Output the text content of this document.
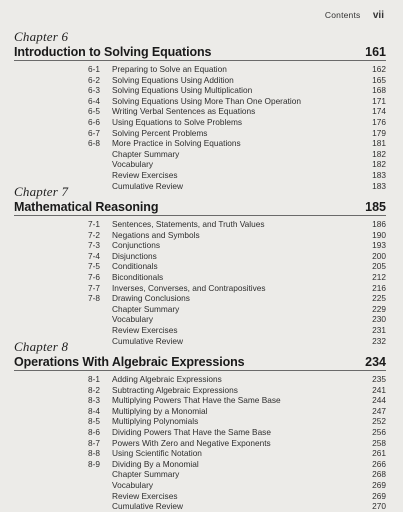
Contents vii
Chapter 6
Introduction to Solving Equations	161
6-1 Preparing to Solve an Equation	162
6-2 Solving Equations Using Addition	165
6-3 Solving Equations Using Multiplication	168
6-4 Solving Equations Using More Than One Operation	171
6-5 Writing Verbal Sentences as Equations	174
6-6 Using Equations to Solve Problems	176
6-7 Solving Percent Problems	179
6-8 More Practice in Solving Equations	181
Chapter Summary	182
Vocabulary	182
Review Exercises	183
Cumulative Review	183
Chapter 7
Mathematical Reasoning	185
7-1 Sentences, Statements, and Truth Values	186
7-2 Negations and Symbols	190
7-3 Conjunctions	193
7-4 Disjunctions	200
7-5 Conditionals	205
7-6 Biconditionals	212
7-7 Inverses, Converses, and Contrapositives	216
7-8 Drawing Conclusions	225
Chapter Summary	229
Vocabulary	230
Review Exercises	231
Cumulative Review	232
Chapter 8
Operations With Algebraic Expressions	234
8-1 Adding Algebraic Expressions	235
8-2 Subtracting Algebraic Expressions	241
8-3 Multiplying Powers That Have the Same Base	244
8-4 Multiplying by a Monomial	247
8-5 Multiplying Polynomials	252
8-6 Dividing Powers That Have the Same Base	256
8-7 Powers With Zero and Negative Exponents	258
8-8 Using Scientific Notation	261
8-9 Dividing By a Monomial	266
Chapter Summary	268
Vocabulary	269
Review Exercises	269
Cumulative Review	270
